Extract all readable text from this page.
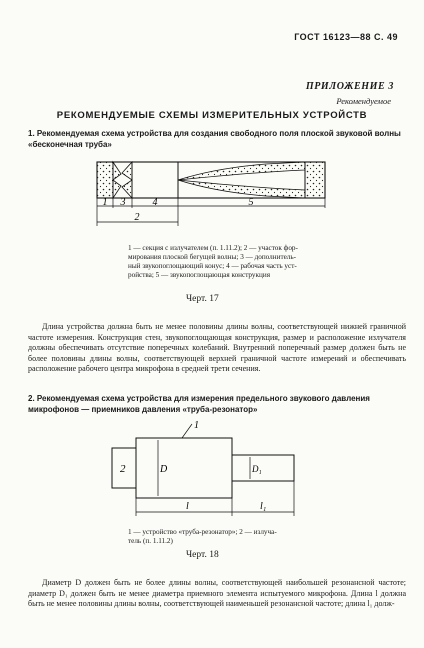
ГОСТ 16123—88 С. 49
ПРИЛОЖЕНИЕ 3
Рекомендуемое
РЕКОМЕНДУЕМЫЕ СХЕМЫ ИЗМЕРИТЕЛЬНЫХ УСТРОЙСТВ
1. Рекомендуемая схема устройства для создания свободного поля плоской звуковой волны «бесконечная труба»
1 3	4	5
2
1 — секция с излучателем (п. 1.11.2); 2 — участок фор-
мирования плоской бегущей волны; 3 — дополнитель-
ный звукопоглощающий конус; 4 — рабочая часть уст-
ройства; 5 — звукопоглощающая конструкция
Черт. 17
Длина устройства должна быть не менее половины длины волны, соответствующей нижней граничной частоте измерения. Конструкция стен, звукопоглощающая конструкция, размер и расположение излучателя должны обеспечивать отсутствие поперечных колебаний. Внутренний поперечный размер должен быть не более половины длины волны, соответствующей верхней граничной частоте измерений и обеспечивать расположение рабочего центра микрофона в средней трети сечения.
2. Рекомендуемая схема устройства для измерения предельного звукового давления микрофонов — приемников давления «труба-резонатор»
1
2	D	D₁
l	l₁
1 — устройство «труба-резонатор»; 2 — излуча-
тель (п. 1.11.2)
Черт. 18
Диаметр D должен быть не более длины волны, соответствующей наибольшей резонансной частоте; диаметр D₁ должен быть не менее диаметра приемного элемента испытуемого микрофона. Длина l должна быть не менее половины длины волны, соответствующей наименьшей резонансной частоте; длина l₁ долж-
